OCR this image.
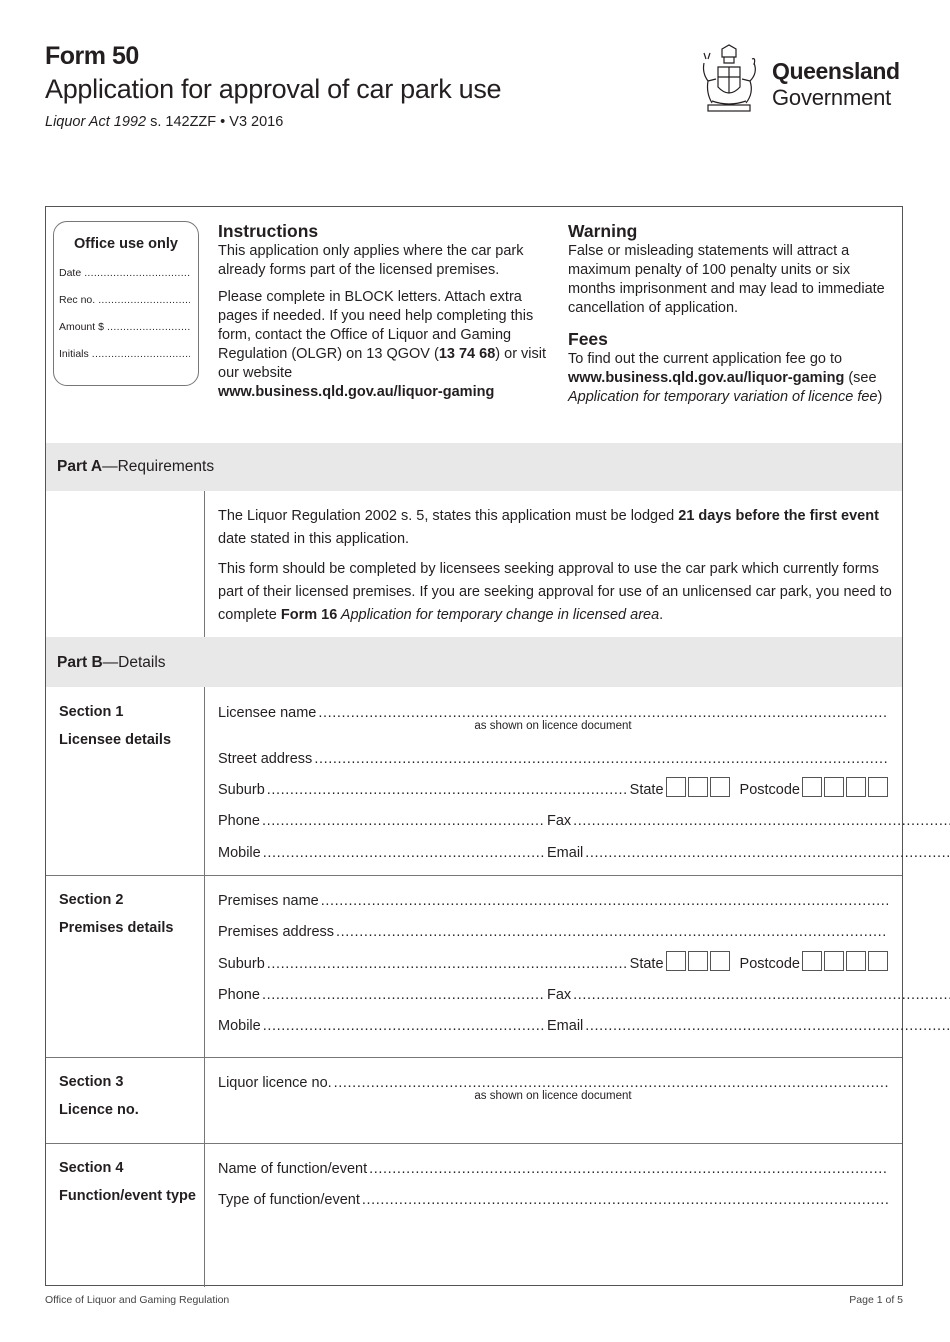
Form 50
Application for approval of car park use
Liquor Act 1992 s. 142ZZF • V3 2016
Queensland
Government
Office use only
Date
.....
Rec no.
.....
Amount $
.....
Initials
.....
Instructions
This application only applies where the car park already forms part of the licensed premises.
Please complete in BLOCK letters. Attach extra pages if needed. If you need help completing this form, contact the Office of Liquor and Gaming Regulation (OLGR) on 13 QGOV (13 74 68) or visit our website
www.business.qld.gov.au/liquor-gaming
Warning
False or misleading statements will attract a maximum penalty of 100 penalty units or six months imprisonment and may lead to immediate cancellation of application.
Fees
To find out the current application fee go to
www.business.qld.gov.au/liquor-gaming (see Application for temporary variation of licence fee)
Part A—Requirements
The Liquor Regulation 2002 s. 5, states this application must be lodged 21 days before the first event date stated in this application.
This form should be completed by licensees seeking approval to use the car park which currently forms part of their licensed premises. If you are seeking approval for use of an unlicensed car park, you need to complete Form 16 Application for temporary change in licensed area.
Part B—Details
Section 1
Licensee details
Licensee name
.....
as shown on licence document
Street address
.....
Suburb .....	State	Postcode
Phone .....	Fax
.....
Mobile .....	Email
.....
Section 2
Premises details
Premises name
.....
Premises address
.....
Suburb .....	State	Postcode
Phone .....	Fax
.....
Mobile .....	Email
.....
Section 3
Licence no.
Liquor licence no.
.....
as shown on licence document
Section 4
Function/event type
Name of function/event
.....
Type of function/event
.....
Office of Liquor and Gaming Regulation	Page 1 of 5
